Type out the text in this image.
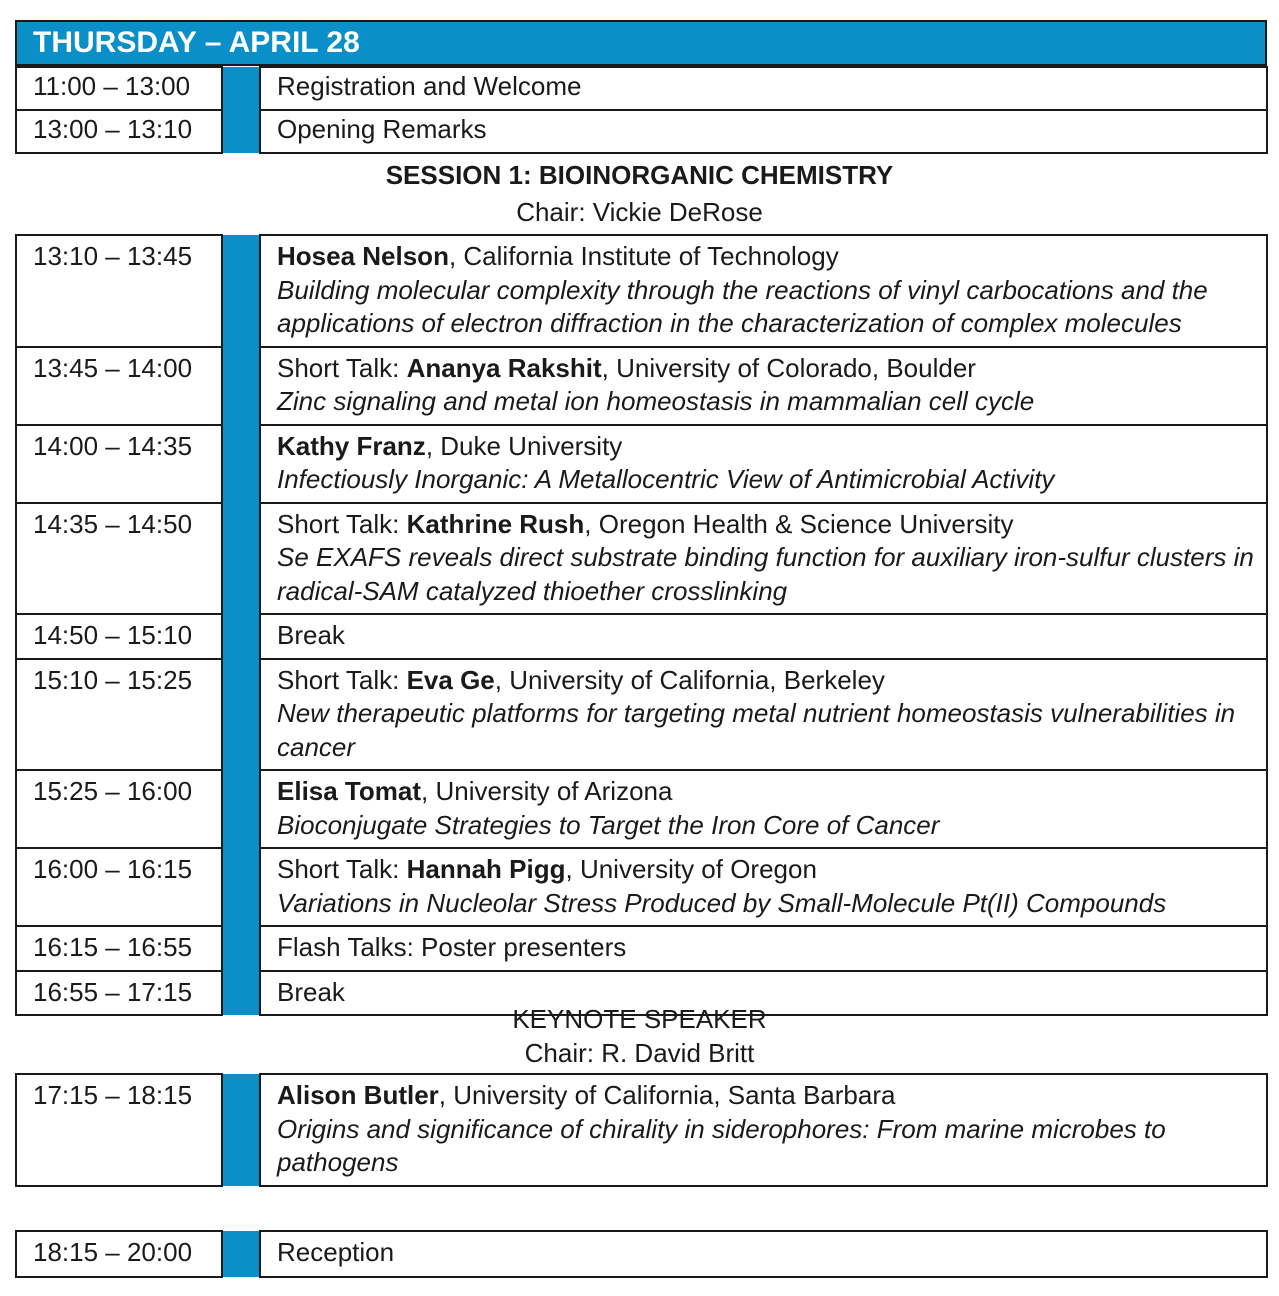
THURSDAY – APRIL 28
11:00 – 13:00		Registration and Welcome
13:00 – 13:10		Opening Remarks
SESSION 1: BIOINORGANIC CHEMISTRY
Chair: Vickie DeRose
13:10 – 13:45		Hosea Nelson, California Institute of Technology
Building molecular complexity through the reactions of vinyl carbocations and the applications of electron diffraction in the characterization of complex molecules
13:45 – 14:00		Short Talk: Ananya Rakshit, University of Colorado, Boulder
Zinc signaling and metal ion homeostasis in mammalian cell cycle
14:00 – 14:35		Kathy Franz, Duke University
Infectiously Inorganic: A Metallocentric View of Antimicrobial Activity
14:35 – 14:50		Short Talk: Kathrine Rush, Oregon Health & Science University
Se EXAFS reveals direct substrate binding function for auxiliary iron-sulfur clusters in radical-SAM catalyzed thioether crosslinking
14:50 – 15:10		Break
15:10 – 15:25		Short Talk: Eva Ge, University of California, Berkeley
New therapeutic platforms for targeting metal nutrient homeostasis vulnerabilities in cancer
15:25 – 16:00		Elisa Tomat, University of Arizona
Bioconjugate Strategies to Target the Iron Core of Cancer
16:00 – 16:15		Short Talk: Hannah Pigg, University of Oregon
Variations in Nucleolar Stress Produced by Small-Molecule Pt(II) Compounds
16:15 – 16:55		Flash Talks: Poster presenters
16:55 – 17:15		Break
KEYNOTE SPEAKER
Chair: R. David Britt
17:15 – 18:15		Alison Butler, University of California, Santa Barbara
Origins and significance of chirality in siderophores: From marine microbes to pathogens
18:15 – 20:00		Reception
